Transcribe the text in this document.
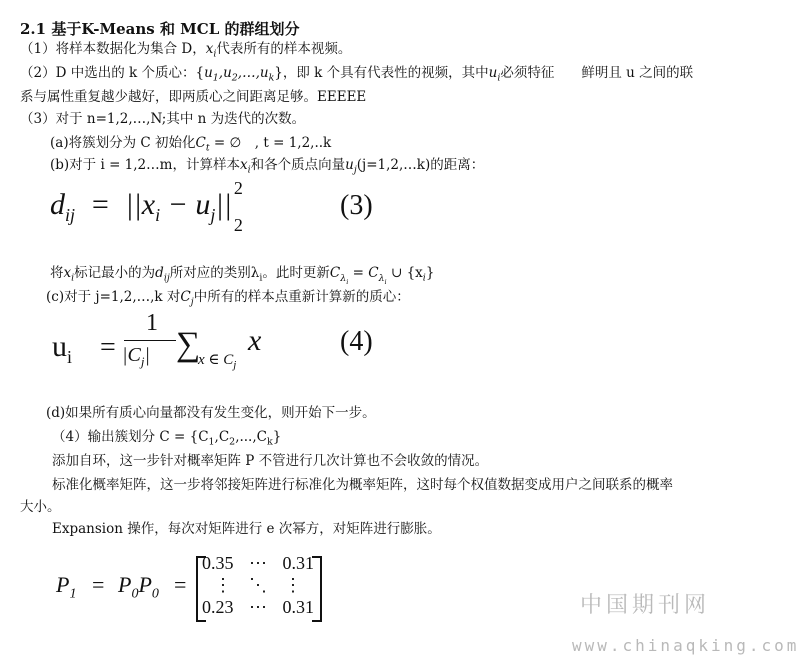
2.1 基于K-Means 和 MCL 的群组划分
（1）将样本数据化为集合 D，$x_i$代表所有的样本视频。
（2）D 中选出的 k 个质心：$\{u_1,u_2,\dots,u_k\}$，即 k 个具有代表性的视频，其中$u_i$必须特征　　鲜明且 u 之间的联
系与属性重复越少越好，即两质心之间距离足够。EEEEE
（3）对于 n=1,2,…,N;其中 n 为迭代的次数。
(a)将簇划分为 C 初始化$C_t$ = ∅　, t = 1,2,..k
(b)对于 i = 1,2…m，计算样本$x_i$和各个质点向量$u_j(j=1,2,\dots k)$的距离：
$d_{ij} = ||x_i - u_j||$ 2
$_2$
(3)
将$x_i$标记最小的为$d_{ij}$所对应的类别$\lambda_i$。此时更新$C_{\lambda_i} = C_{\lambda_i}$ ∪ $\{x_i\}$
(c)对于 j=1,2,…,k 对$C_j$中所有的样本点重新计算新的质心：
$u_i$ =
1
$|C_j|$ ∑
x ∈ $C_j$
x	(4)
(d)如果所有质心向量都没有发生变化，则开始下一步。
（4）输出簇划分 $C = \{C_1,C_2,...,C_k\}$
添加自环，这一步针对概率矩阵 P 不管进行几次计算也不会收敛的情况。
标准化概率矩阵，这一步将邻接矩阵进行标准化为概率矩阵，这时每个权值数据变成用户之间联系的概率
大小。
Expansion 操作，每次对矩阵进行 e 次幂方，对矩阵进行膨胀。
$P_1 = P_0P_0$ =
0.35 ⋯ 0.31
⋮ ⋱ ⋮
0.23 ⋯ 0.31	中国期刊网
www.chinaqking.com
